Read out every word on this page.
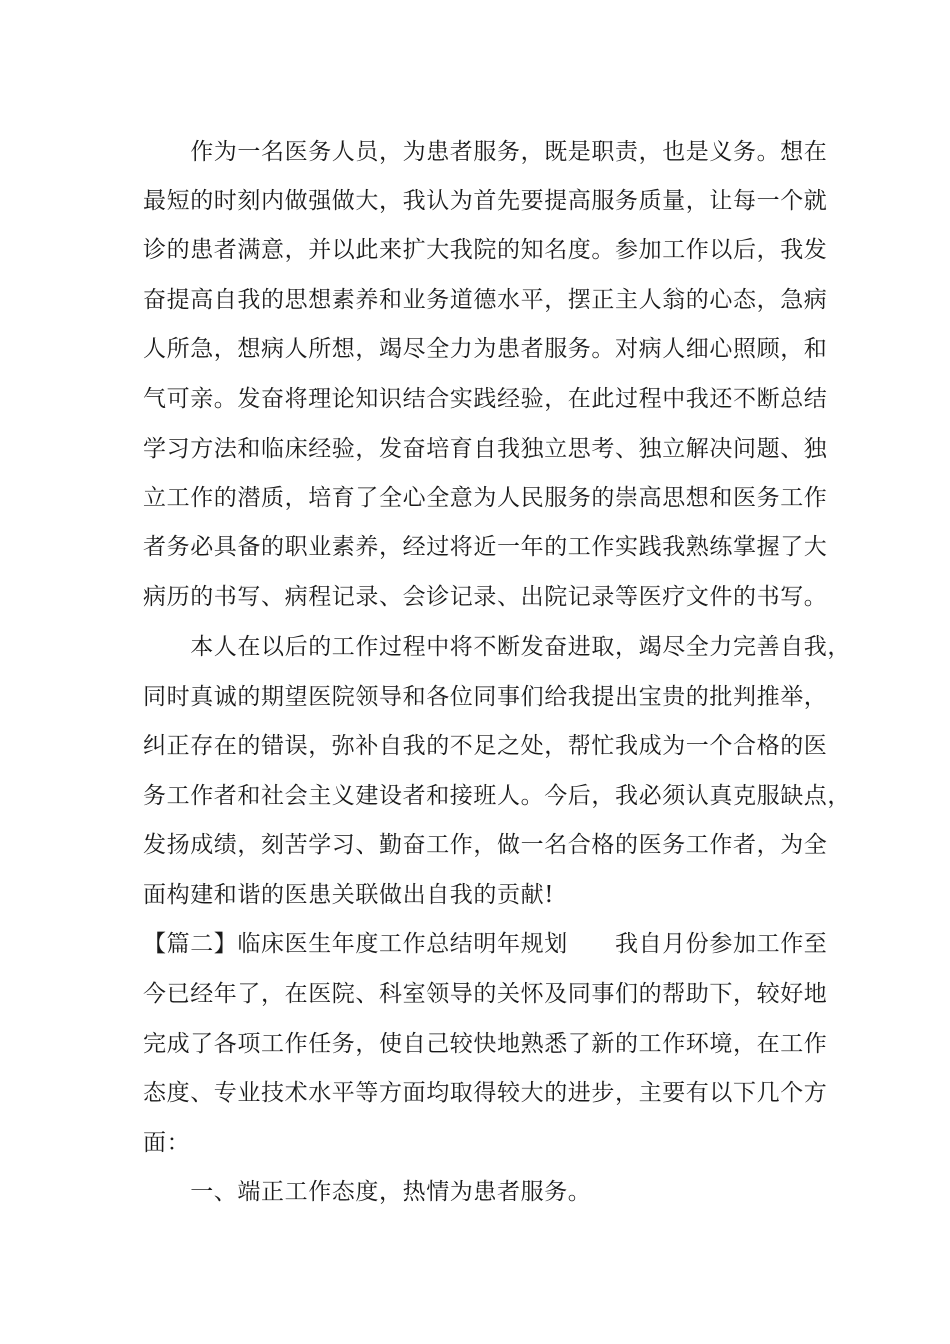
　　作为一名医务人员，为患者服务，既是职责，也是义务。想在
最短的时刻内做强做大，我认为首先要提高服务质量，让每一个就
诊的患者满意，并以此来扩大我院的知名度。参加工作以后，我发
奋提高自我的思想素养和业务道德水平，摆正主人翁的心态，急病
人所急，想病人所想，竭尽全力为患者服务。对病人细心照顾，和
气可亲。发奋将理论知识结合实践经验，在此过程中我还不断总结
学习方法和临床经验，发奋培育自我独立思考、独立解决问题、独
立工作的潜质，培育了全心全意为人民服务的崇高思想和医务工作
者务必具备的职业素养，经过将近一年的工作实践我熟练掌握了大
病历的书写、病程记录、会诊记录、出院记录等医疗文件的书写。
　　本人在以后的工作过程中将不断发奋进取，竭尽全力完善自我，
同时真诚的期望医院领导和各位同事们给我提出宝贵的批判推举，
纠正存在的错误，弥补自我的不足之处，帮忙我成为一个合格的医
务工作者和社会主义建设者和接班人。今后，我必须认真克服缺点，
发扬成绩，刻苦学习、勤奋工作，做一名合格的医务工作者，为全
面构建和谐的医患关联做出自我的贡献!
【篇二】临床医生年度工作总结明年规划　　我自月份参加工作至
今已经年了，在医院、科室领导的关怀及同事们的帮助下，较好地
完成了各项工作任务，使自己较快地熟悉了新的工作环境，在工作
态度、专业技术水平等方面均取得较大的进步，主要有以下几个方
面：
　　一、端正工作态度，热情为患者服务。
